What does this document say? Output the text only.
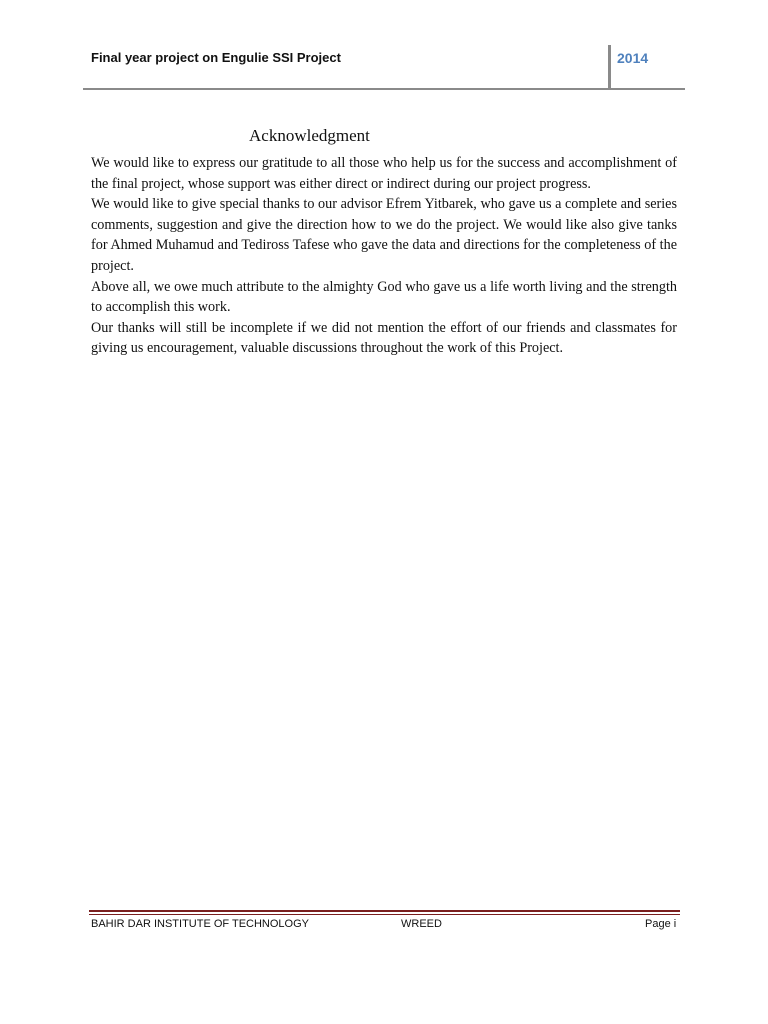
Final year project on Engulie SSI Project	2014
Acknowledgment

We would like to express our gratitude to all those who help us for the success and accomplishment of the final project, whose support was either direct or indirect during our project progress.

We would like to give special thanks to our advisor Efrem Yitbarek, who gave us a complete and series comments, suggestion and give the direction how to we do the project. We would like also give tanks for Ahmed Muhamud and Tediross Tafese who gave the data and directions for the completeness of the project.

Above all, we owe much attribute to the almighty God who gave us a life worth living and the strength to accomplish this work.

Our thanks will still be incomplete if we did not mention the effort of our friends and classmates for giving us encouragement, valuable discussions throughout the work of this Project.

BAHIR DAR INSTITUTE OF TECHNOLOGY	WREED	Page i
